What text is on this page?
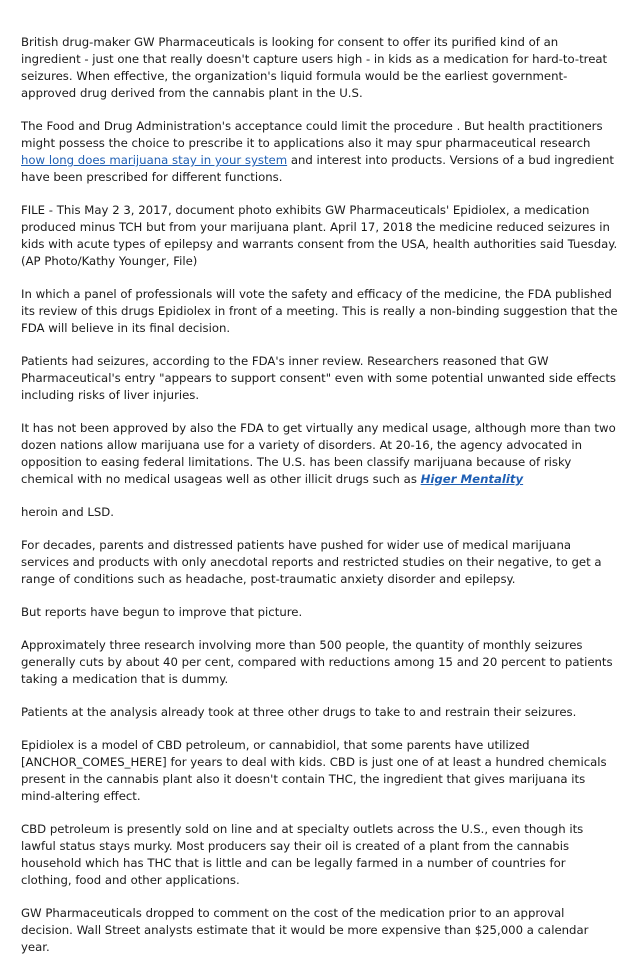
British drug-maker GW Pharmaceuticals is looking for consent to offer its purified kind of an ingredient - just one that really doesn't capture users high - in kids as a medication for hard-to-treat seizures. When effective, the organization's liquid formula would be the earliest government-approved drug derived from the cannabis plant in the U.S.

The Food and Drug Administration's acceptance could limit the procedure . But health practitioners might possess the choice to prescribe it to applications also it may spur pharmaceutical research how long does marijuana stay in your system and interest into products. Versions of a bud ingredient have been prescribed for different functions.

FILE - This May 2 3, 2017, document photo exhibits GW Pharmaceuticals' Epidiolex, a medication produced minus TCH but from your marijuana plant. April 17, 2018 the medicine reduced seizures in kids with acute types of epilepsy and warrants consent from the USA, health authorities said Tuesday. (AP Photo/Kathy Younger, File)

In which a panel of professionals will vote the safety and efficacy of the medicine, the FDA published its review of this drugs Epidiolex in front of a meeting. This is really a non-binding suggestion that the FDA will believe in its final decision.

Patients had seizures, according to the FDA's inner review. Researchers reasoned that GW Pharmaceutical's entry "appears to support consent" even with some potential unwanted side effects including risks of liver injuries.

It has not been approved by also the FDA to get virtually any medical usage, although more than two dozen nations allow marijuana use for a variety of disorders. At 20-16, the agency advocated in opposition to easing federal limitations. The U.S. has been classify marijuana because of risky chemical with no medical usageas well as other illicit drugs such as Higer Mentality

heroin and LSD.

For decades, parents and distressed patients have pushed for wider use of medical marijuana services and products with only anecdotal reports and restricted studies on their negative, to get a range of conditions such as headache, post-traumatic anxiety disorder and epilepsy.

But reports have begun to improve that picture.

Approximately three research involving more than 500 people, the quantity of monthly seizures generally cuts by about 40 per cent, compared with reductions among 15 and 20 percent to patients taking a medication that is dummy.

Patients at the analysis already took at three other drugs to take to and restrain their seizures.

Epidiolex is a model of CBD petroleum, or cannabidiol, that some parents have utilized [ANCHOR_COMES_HERE] for years to deal with kids. CBD is just one of at least a hundred chemicals present in the cannabis plant also it doesn't contain THC, the ingredient that gives marijuana its mind-altering effect.

CBD petroleum is presently sold on line and at specialty outlets across the U.S., even though its lawful status stays murky. Most producers say their oil is created of a plant from the cannabis household which has THC that is little and can be legally farmed in a number of countries for clothing, food and other applications.

GW Pharmaceuticals dropped to comment on the cost of the medication prior to an approval decision. Wall Street analysts estimate that it would be more expensive than $25,000 a calendar year.
